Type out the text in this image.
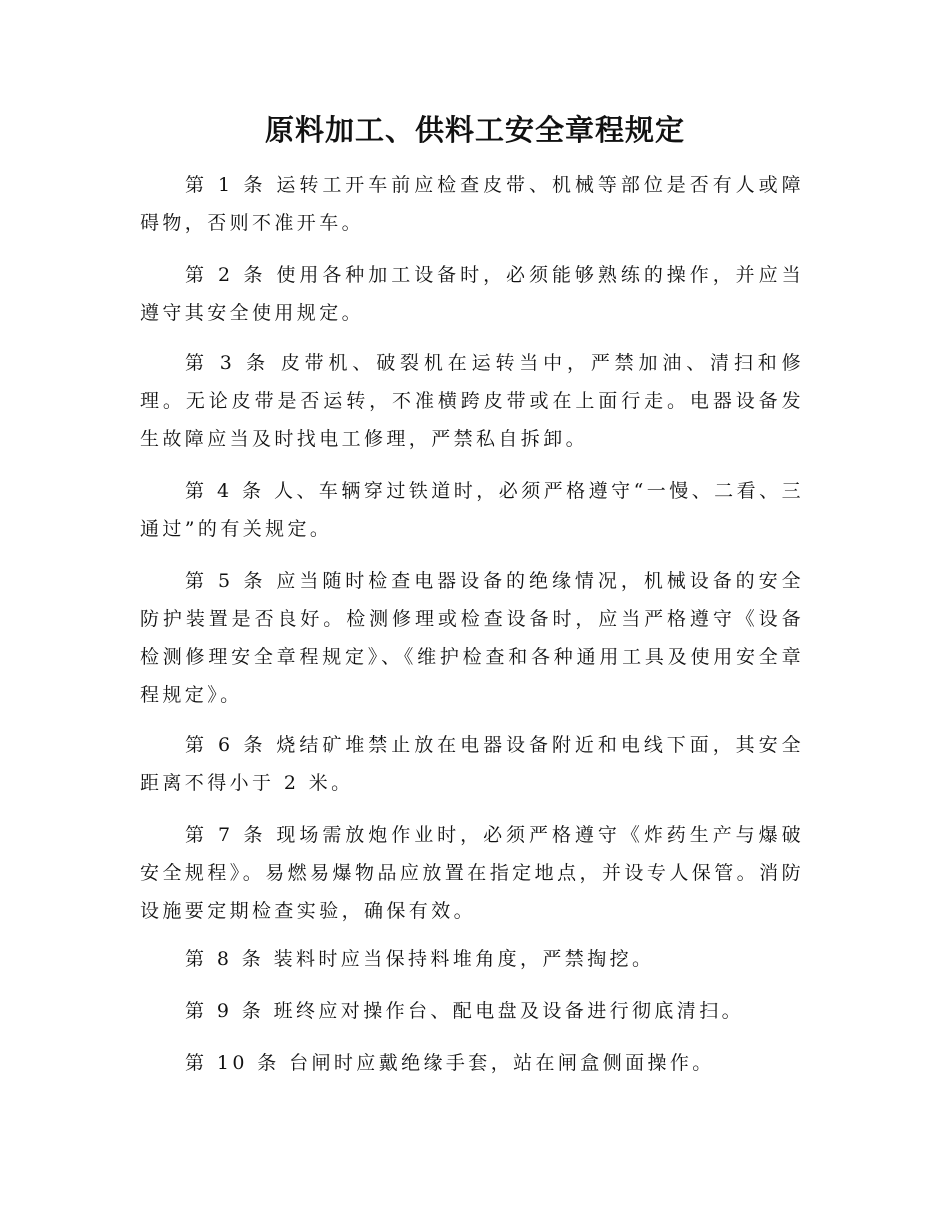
原料加工、供料工安全章程规定

第 1 条 运转工开车前应检查皮带、机械等部位是否有人或障碍物，否则不准开车。

第 2 条 使用各种加工设备时，必须能够熟练的操作，并应当遵守其安全使用规定。

第 3 条 皮带机、破裂机在运转当中，严禁加油、清扫和修理。无论皮带是否运转，不准横跨皮带或在上面行走。电器设备发生故障应当及时找电工修理，严禁私自拆卸。

第 4 条 人、车辆穿过铁道时，必须严格遵守“一慢、二看、三通过”的有关规定。

第 5 条 应当随时检查电器设备的绝缘情况，机械设备的安全防护装置是否良好。检测修理或检查设备时，应当严格遵守《设备检测修理安全章程规定》、《维护检查和各种通用工具及使用安全章程规定》。

第 6 条 烧结矿堆禁止放在电器设备附近和电线下面，其安全距离不得小于 2 米。

第 7 条 现场需放炮作业时，必须严格遵守《炸药生产与爆破安全规程》。易燃易爆物品应放置在指定地点，并设专人保管。消防设施要定期检查实验，确保有效。

第 8 条 装料时应当保持料堆角度，严禁掏挖。

第 9 条 班终应对操作台、配电盘及设备进行彻底清扫。

第 10 条 台闸时应戴绝缘手套，站在闸盒侧面操作。
